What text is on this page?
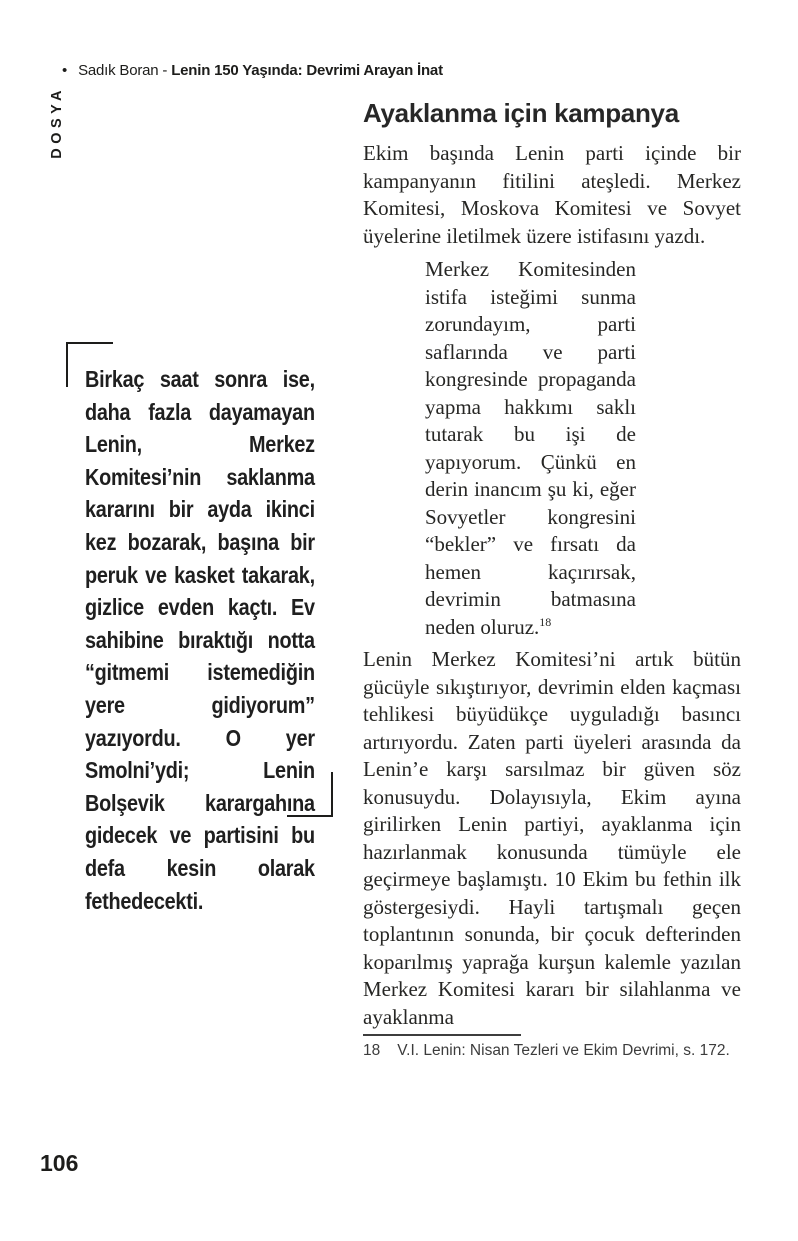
• Sadık Boran - Lenin 150 Yaşında: Devrimi Arayan İnat
DOSYA

Birkaç saat sonra ise, daha fazla dayamayan Lenin, Merkez Komitesi’nin saklanma kararını bir ayda ikinci kez bozarak, başına bir peruk ve kasket takarak, gizlice evden kaçtı. Ev sahibine bıraktığı notta “gitmemi istemediğin yere gidiyorum” yazıyordu. O yer Smolni’ydi; Lenin Bolşevik karargahına gidecek ve partisini bu defa kesin olarak fethedecekti.

Ayaklanma için kampanya

Ekim başında Lenin parti içinde bir kampanyanın fitilini ateşledi. Merkez Komitesi, Moskova Komitesi ve Sovyet üyelerine iletilmek üzere istifasını yazdı.

Merkez Komitesinden istifa isteğimi sunma zorundayım, parti saflarında ve parti kongresinde propaganda yapma hakkımı saklı tutarak bu işi de yapıyorum. Çünkü en derin inancım şu ki, eğer Sovyetler kongresini “bekler” ve fırsatı da hemen kaçırırsak, devrimin batmasına neden oluruz.$^{18}$

Lenin Merkez Komitesi’ni artık bütün gücüyle sıkıştırıyor, devrimin elden kaçması tehlikesi büyüdükçe uyguladığı basıncı artırıyordu. Zaten parti üyeleri arasında da Lenin’e karşı sarsılmaz bir güven söz konusuydu. Dolayısıyla, Ekim ayına girilirken Lenin partiyi, ayaklanma için hazırlanmak konusunda tümüyle ele geçirmeye başlamıştı. 10 Ekim bu fethin ilk göstergesiydi. Hayli tartışmalı geçen toplantının sonunda, bir çocuk defterinden koparılmış yaprağa kurşun kalemle yazılan Merkez Komitesi kararı bir silahlanma ve ayaklanma

18 V.I. Lenin: Nisan Tezleri ve Ekim Devrimi, s. 172.

106
